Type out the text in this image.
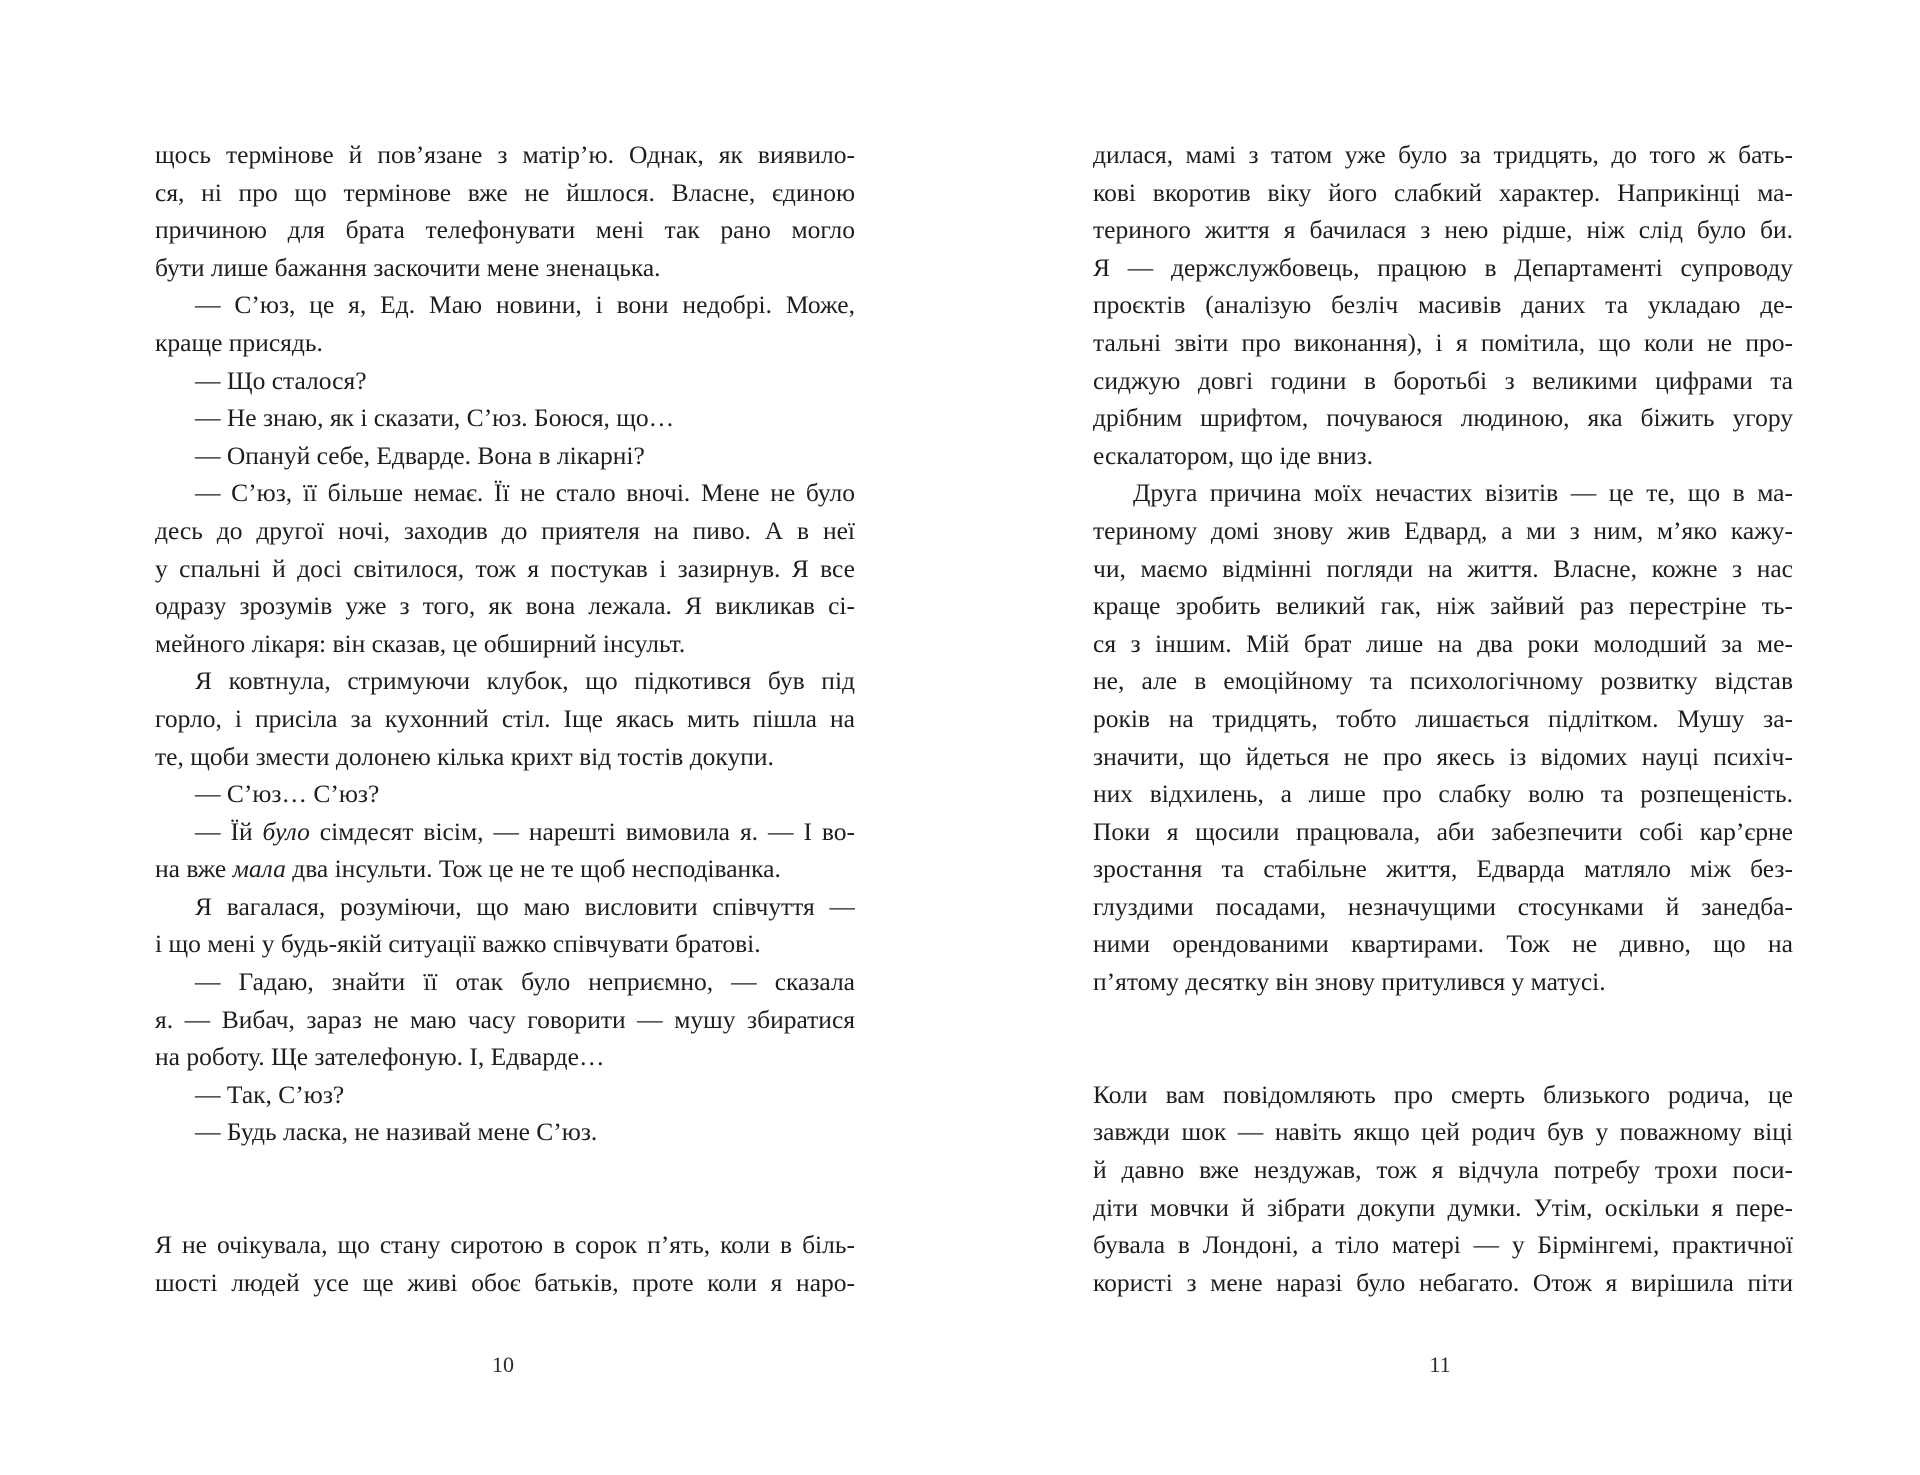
щось термінове й пов’язане з матір’ю. Однак, як виявило-
ся, ні про що термінове вже не йшлося. Власне, єдиною
причиною для брата телефонувати мені так рано могло
бути лише бажання заскочити мене зненацька.
— С’юз, це я, Ед. Маю новини, і вони недобрі. Може,
краще присядь.
— Що сталося?
— Не знаю, як і сказати, С’юз. Боюся, що…
— Опануй себе, Едварде. Вона в лікарні?
— С’юз, її більше немає. Її не стало вночі. Мене не було
десь до другої ночі, заходив до приятеля на пиво. А в неї
у спальні й досі світилося, тож я постукав і зазирнув. Я все
одразу зрозумів уже з того, як вона лежала. Я викликав сі-
мейного лікаря: він сказав, це обширний інсульт.
Я ковтнула, стримуючи клубок, що підкотився був під
горло, і присіла за кухонний стіл. Іще якась мить пішла на
те, щоби змести долонею кілька крихт від тостів докупи.
— С’юз… С’юз?
— Їй було сімдесят вісім, — нарешті вимовила я. — І во-
на вже мала два інсульти. Тож це не те щоб несподіванка.
Я вагалася, розуміючи, що маю висловити співчуття —
і що мені у будь-якій ситуації важко співчувати братові.
— Гадаю, знайти її отак було неприємно, — сказала
я. — Вибач, зараз не маю часу говорити — мушу збиратися
на роботу. Ще зателефоную. І, Едварде…
— Так, С’юз?
— Будь ласка, не називай мене С’юз.
Я не очікувала, що стану сиротою в сорок п’ять, коли в біль-
шості людей усе ще живі обоє батьків, проте коли я наро-
дилася, мамі з татом уже було за тридцять, до того ж бать-
кові вкоротив віку його слабкий характер. Наприкінці ма-
териного життя я бачилася з нею рідше, ніж слід було би.
Я — держслужбовець, працюю в Департаменті супроводу
проєктів (аналізую безліч масивів даних та укладаю де-
тальні звіти про виконання), і я помітила, що коли не про-
сиджую довгі години в боротьбі з великими цифрами та
дрібним шрифтом, почуваюся людиною, яка біжить угору
ескалатором, що іде вниз.
Друга причина моїх нечастих візитів — це те, що в ма-
теринoму домі знову жив Едвард, а ми з ним, м’яко кажу-
чи, маємо відмінні погляди на життя. Власне, кожне з нас
краще зробить великий гак, ніж зайвий раз перестріне ть-
ся з іншим. Мій брат лише на два роки молодший за ме-
не, але в емоційному та психологічному розвитку відстав
років на тридцять, тобто лишається підлітком. Мушу за-
значити, що йдеться не про якесь із відомих науці психіч-
них відхилень, а лише про слабку волю та розпещеність.
Поки я щосили працювала, аби забезпечити собі кар’єрне
зростання та стабільне життя, Едварда матляло між без-
глуздими посадами, незначущими стосунками й занедба-
ними орендованими квартирами. Тож не дивно, що на
п’ятому десятку він знову притулився у матусі.
Коли вам повідомляють про смерть близького родича, це
завжди шок — навіть якщо цей родич був у поважному віці
й давно вже нездужав, тож я відчула потребу трохи поси-
діти мовчки й зібрати докупи думки. Утім, оскільки я пере-
бувала в Лондоні, а тіло матері — у Бірмінгемі, практичної
користі з мене наразі було небагато. Отож я вирішила піти
10	11
